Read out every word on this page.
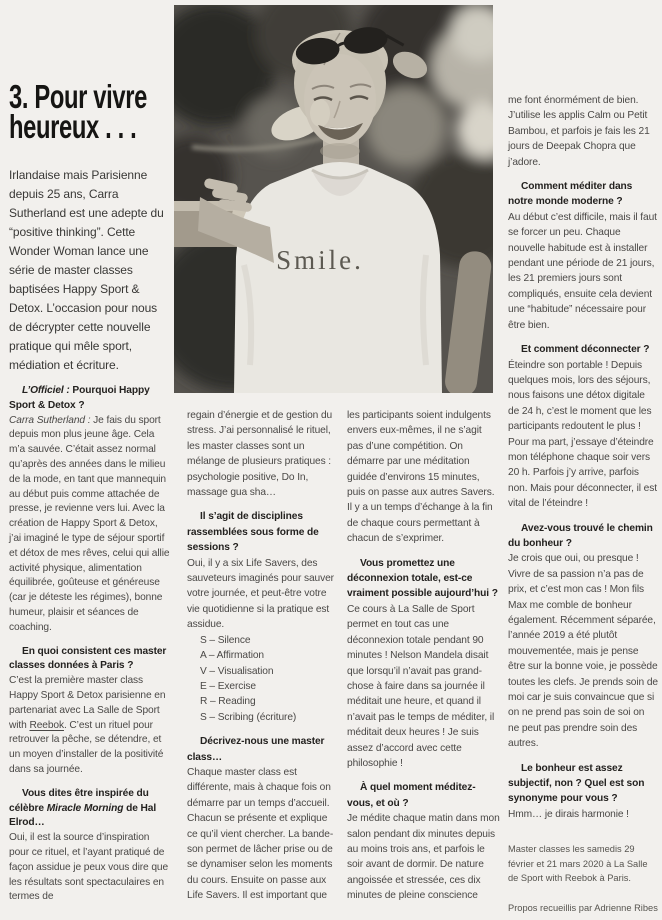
Smile.
3. Pour vivre
heureux . . .

Irlandaise mais Parisienne depuis 25 ans, Carra Sutherland est une adepte du “positive thinking”. Cette Wonder Woman lance une série de master classes baptisées Happy Sport & Detox. L’occasion pour nous de décrypter cette nouvelle pratique qui mêle sport, médiation et écriture.

L’Officiel : Pourquoi Happy Sport & Detox ?

Carra Sutherland : Je fais du sport depuis mon plus jeune âge. Cela m’a sauvée. C’était assez normal qu’après des années dans le milieu de la mode, en tant que mannequin au début puis comme attachée de presse, je revienne vers lui. Avec la création de Happy Sport & Detox, j’ai imaginé le type de séjour sportif et détox de mes rêves, celui qui allie activité physique, alimentation équilibrée, goûteuse et généreuse (car je déteste les régimes), bonne humeur, plaisir et séances de coaching.

En quoi consistent ces master classes données à Paris ?

C’est la première master class Happy Sport & Detox parisienne en partenariat avec La Salle de Sport with Reebok. C’est un rituel pour retrouver la pêche, se détendre, et un moyen d’installer de la positivité dans sa journée.

Vous dites être inspirée du célèbre Miracle Morning de Hal Elrod…

Oui, il est la source d’inspiration pour ce rituel, et l’ayant pratiqué de façon assidue je peux vous dire que les résultats sont spectaculaires en termes de

regain d’énergie et de gestion du stress. J’ai personnalisé le rituel, les master classes sont un mélange de plusieurs pratiques : psychologie positive, Do In, massage gua sha…

Il s’agit de disciplines rassemblées sous forme de sessions ?

Oui, il y a six Life Savers, des sauveteurs imaginés pour sauver votre journée, et peut-être votre vie quotidienne si la pratique est assidue.

S – Silence
A – Affirmation
V – Visualisation
E – Exercise
R – Reading
S – Scribing (écriture)

Décrivez-nous une master class…

Chaque master class est différente, mais à chaque fois on démarre par un temps d’accueil. Chacun se présente et explique ce qu’il vient chercher. La bande-son permet de lâcher prise ou de se dynamiser selon les moments du cours. Ensuite on passe aux Life Savers. Il est important que

les participants soient indulgents envers eux-mêmes, il ne s’agit pas d’une compétition. On démarre par une méditation guidée d’environs 15 minutes, puis on passe aux autres Savers. Il y a un temps d’échange à la fin de chaque cours permettant à chacun de s’exprimer.

Vous promettez une déconnexion totale, est-ce vraiment possible aujourd’hui ?

Ce cours à La Salle de Sport permet en tout cas une déconnexion totale pendant 90 minutes ! Nelson Mandela disait que lorsqu’il n’avait pas grand-chose à faire dans sa journée il méditait une heure, et quand il n’avait pas le temps de méditer, il méditait deux heures ! Je suis assez d’accord avec cette philosophie !

À quel moment méditez-vous, et où ?

Je médite chaque matin dans mon salon pendant dix minutes depuis au moins trois ans, et parfois le soir avant de dormir. De nature angoissée et stressée, ces dix minutes de pleine conscience

me font énormément de bien. J’utilise les applis Calm ou Petit Bambou, et parfois je fais les 21 jours de Deepak Chopra que j’adore.

Comment méditer dans notre monde moderne ?

Au début c’est difficile, mais il faut se forcer un peu. Chaque nouvelle habitude est à installer pendant une période de 21 jours, les 21 premiers jours sont compliqués, ensuite cela devient une “habitude” nécessaire pour être bien.

Et comment déconnecter ?

Éteindre son portable ! Depuis quelques mois, lors des séjours, nous faisons une détox digitale de 24 h, c’est le moment que les participants redoutent le plus ! Pour ma part, j’essaye d’éteindre mon téléphone chaque soir vers 20 h. Parfois j’y arrive, parfois non. Mais pour déconnecter, il est vital de l’éteindre !

Avez-vous trouvé le chemin du bonheur ?

Je crois que oui, ou presque ! Vivre de sa passion n’a pas de prix, et c’est mon cas ! Mon fils Max me comble de bonheur également. Récemment séparée, l’année 2019 a été plutôt mouvementée, mais je pense être sur la bonne voie, je possède toutes les clefs. Je prends soin de moi car je suis convaincue que si on ne prend pas soin de soi on ne peut pas prendre soin des autres.

Le bonheur est assez subjectif, non ? Quel est son synonyme pour vous ?

Hmm… je dirais harmonie !

Master classes les samedis 29 février et 21 mars 2020 à La Salle de Sport with Reebok à Paris.

Propos recueillis par Adrienne Ribes
